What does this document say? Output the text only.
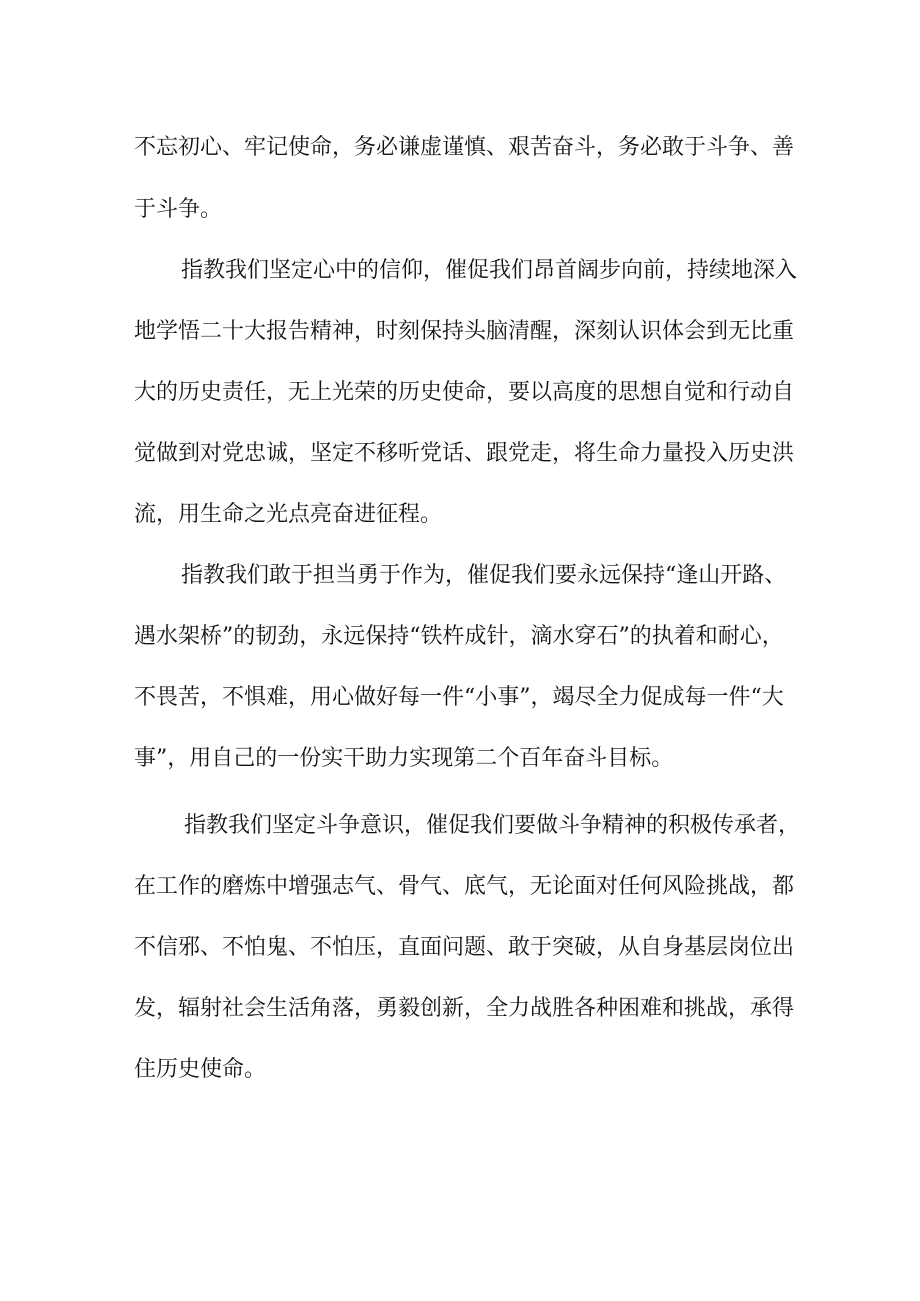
不忘初心、牢记使命，务必谦虚谨慎、艰苦奋斗，务必敢于斗争、善
于斗争。
指教我们坚定心中的信仰，催促我们昂首阔步向前，持续地深入
地学悟二十大报告精神，时刻保持头脑清醒，深刻认识体会到无比重
大的历史责任，无上光荣的历史使命，要以高度的思想自觉和行动自
觉做到对党忠诚，坚定不移听党话、跟党走，将生命力量投入历史洪
流，用生命之光点亮奋进征程。
指教我们敢于担当勇于作为，催促我们要永远保持“逢山开路、
遇水架桥”的韧劲，永远保持“铁杵成针，滴水穿石”的执着和耐心，
不畏苦，不惧难，用心做好每一件“小事”，竭尽全力促成每一件“大
事”，用自己的一份实干助力实现第二个百年奋斗目标。
指教我们坚定斗争意识，催促我们要做斗争精神的积极传承者，
在工作的磨炼中增强志气、骨气、底气，无论面对任何风险挑战，都
不信邪、不怕鬼、不怕压，直面问题、敢于突破，从自身基层岗位出
发，辐射社会生活角落，勇毅创新，全力战胜各种困难和挑战，承得
住历史使命。
